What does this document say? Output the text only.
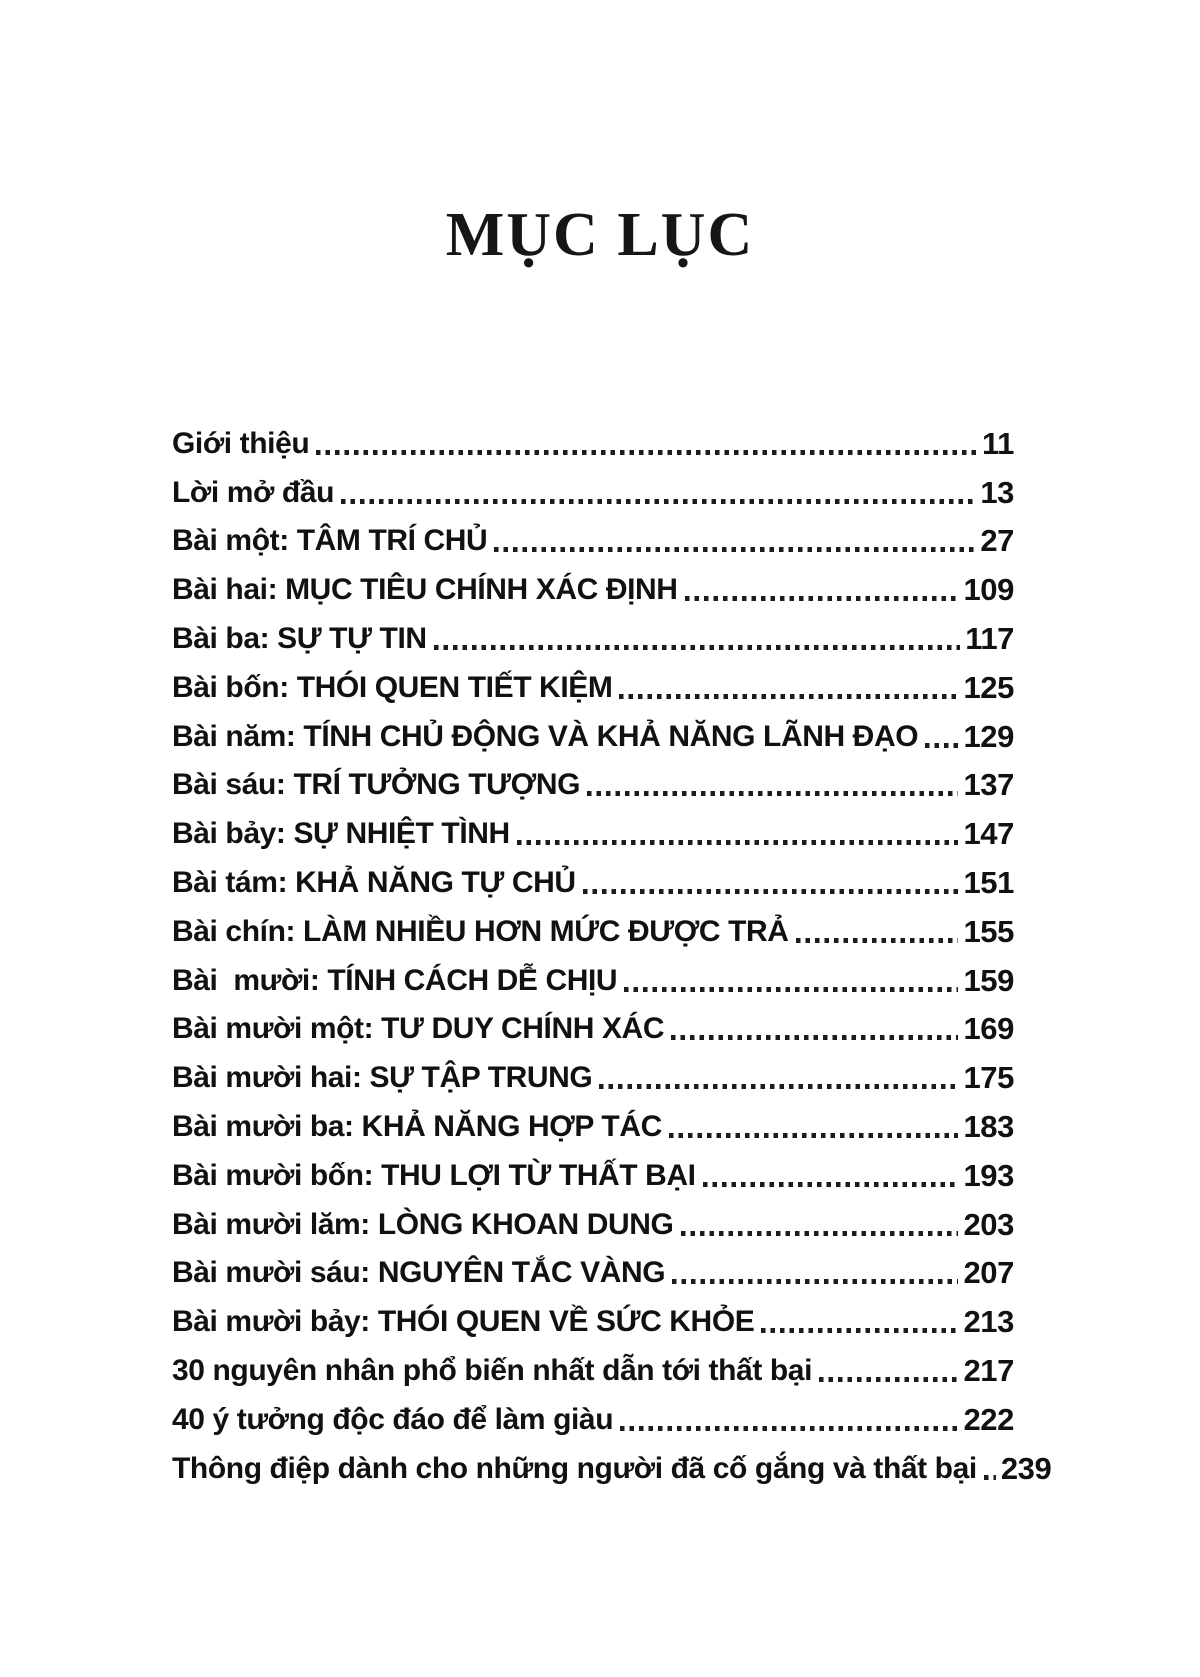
MỤC LỤC
Giới thiệu	11
Lời mở đầu	13
Bài một: TÂM TRÍ CHỦ	27
Bài hai: MỤC TIÊU CHÍNH XÁC ĐỊNH	109
Bài ba: SỰ TỰ TIN	117
Bài bốn: THÓI QUEN TIẾT KIỆM	125
Bài năm: TÍNH CHỦ ĐỘNG VÀ KHẢ NĂNG LÃNH ĐẠO 129
Bài sáu: TRÍ TƯỞNG TƯỢNG	137
Bài bảy: SỰ NHIỆT TÌNH	147
Bài tám: KHẢ NĂNG TỰ CHỦ	151
Bài chín: LÀM NHIỀU HƠN MỨC ĐƯỢC TRẢ	155
Bài  mười: TÍNH CÁCH DỄ CHỊU	159
Bài mười một: TƯ DUY CHÍNH XÁC	169
Bài mười hai: SỰ TẬP TRUNG	175
Bài mười ba: KHẢ NĂNG HỢP TÁC	183
Bài mười bốn: THU LỢI TỪ THẤT BẠI	193
Bài mười lăm: LÒNG KHOAN DUNG	203
Bài mười sáu: NGUYÊN TẮC VÀNG	207
Bài mười bảy: THÓI QUEN VỀ SỨC KHỎE	213
30 nguyên nhân phổ biến nhất dẫn tới thất bại	217
40 ý tưởng độc đáo để làm giàu	222
Thông điệp dành cho những người đã cố gắng và thất bại 239
